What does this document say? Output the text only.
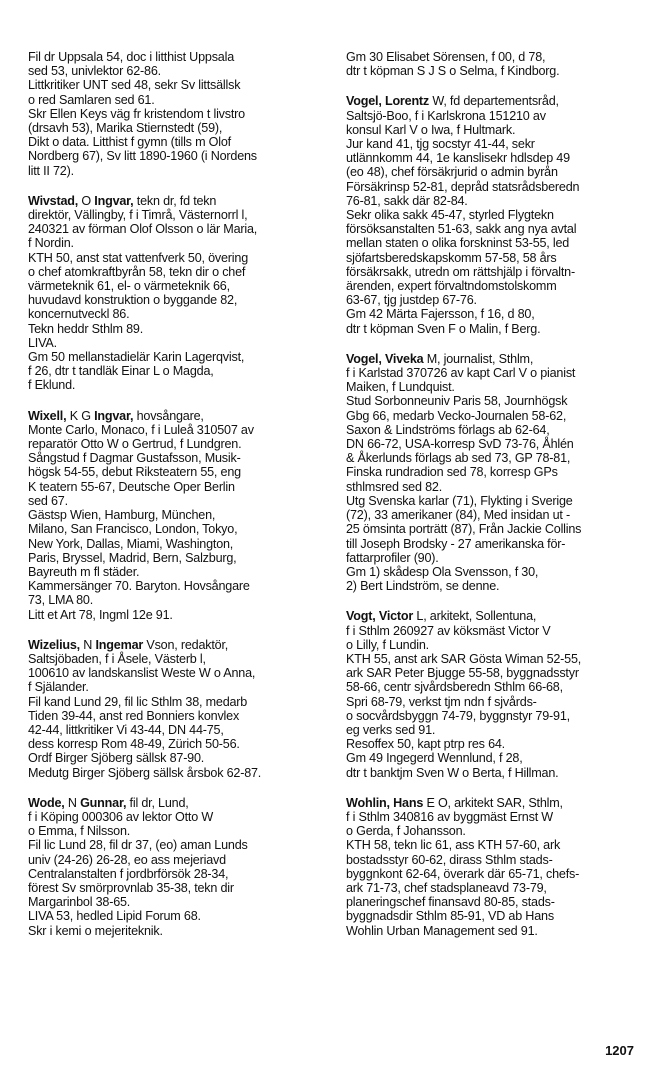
Fil dr Uppsala 54, doc i litthist Uppsala
sed 53, univlektor 62-86.
Littkritiker UNT sed 48, sekr Sv littsällsk
o red Samlaren sed 61.
Skr Ellen Keys väg fr kristendom t livstro
(drsavh 53), Marika Stiernstedt (59),
Dikt o data. Litthist f gymn (tills m Olof
Nordberg 67), Sv litt 1890-1960 (i Nordens
litt II 72).
Wivstad, O Ingvar, tekn dr, fd tekn
direktör, Vällingby, f i Timrå, Västernorrl l,
240321 av förman Olof Olsson o lär Maria,
f Nordin.
KTH 50, anst stat vattenfverk 50, övering
o chef atomkraftbyrån 58, tekn dir o chef
värmeteknik 61, el- o värmeteknik 66,
huvudavd konstruktion o byggande 82,
koncernutveckl 86.
Tekn heddr Sthlm 89.
LIVA.
Gm 50 mellanstadielär Karin Lagerqvist,
f 26, dtr t tandläk Einar L o Magda,
f Eklund.
Wixell, K G Ingvar, hovsångare,
Monte Carlo, Monaco, f i Luleå 310507 av
reparatör Otto W o Gertrud, f Lundgren.
Sångstud f Dagmar Gustafsson, Musik-
högsk 54-55, debut Riksteatern 55, eng
K teatern 55-67, Deutsche Oper Berlin
sed 67.
Gästsp Wien, Hamburg, München,
Milano, San Francisco, London, Tokyo,
New York, Dallas, Miami, Washington,
Paris, Bryssel, Madrid, Bern, Salzburg,
Bayreuth m fl städer.
Kammersänger 70. Baryton. Hovsångare
73, LMA 80.
Litt et Art 78, Ingml 12e 91.
Wizelius, N Ingemar Vson, redaktör,
Saltsjöbaden, f i Åsele, Västerb l,
100610 av landskanslist Weste W o Anna,
f Själander.
Fil kand Lund 29, fil lic Sthlm 38, medarb
Tiden 39-44, anst red Bonniers konvlex
42-44, littkritiker Vi 43-44, DN 44-75,
dess korresp Rom 48-49, Zürich 50-56.
Ordf Birger Sjöberg sällsk 87-90.
Medutg Birger Sjöberg sällsk årsbok 62-87.
Wode, N Gunnar, fil dr, Lund,
f i Köping 000306 av lektor Otto W
o Emma, f Nilsson.
Fil lic Lund 28, fil dr 37, (eo) aman Lunds
univ (24-26) 26-28, eo ass mejeriavd
Centralanstalten f jordbrförsök 28-34,
förest Sv smörprovnlab 35-38, tekn dir
Margarinbol 38-65.
LIVA 53, hedled Lipid Forum 68.
Skr i kemi o mejeriteknik.
Gm 30 Elisabet Sörensen, f 00, d 78,
dtr t köpman S J S o Selma, f Kindborg.
Vogel, Lorentz W, fd departementsråd,
Saltsjö-Boo, f i Karlskrona 151210 av
konsul Karl V o Iwa, f Hultmark.
Jur kand 41, tjg socstyr 41-44, sekr
utlännkomm 44, 1e kanslisekr hdlsdep 49
(eo 48), chef försäkrjurid o admin byrån
Försäkrinsp 52-81, depråd statsrådsberedn
76-81, sakk där 82-84.
Sekr olika sakk 45-47, styrled Flygtekn
försöksanstalten 51-63, sakk ang nya avtal
mellan staten o olika forskninst 53-55, led
sjöfartsberedskapskomm 57-58, 58 års
försäkrsakk, utredn om rättshjälp i förvaltn-
ärenden, expert förvaltndomstolskomm
63-67, tjg justdep 67-76.
Gm 42 Märta Fajersson, f 16, d 80,
dtr t köpman Sven F o Malin, f Berg.
Vogel, Viveka M, journalist, Sthlm,
f i Karlstad 370726 av kapt Carl V o pianist
Maiken, f Lundquist.
Stud Sorbonneuniv Paris 58, Journhögsk
Gbg 66, medarb Vecko-Journalen 58-62,
Saxon & Lindströms förlags ab 62-64,
DN 66-72, USA-korresp SvD 73-76, Åhlén
& Åkerlunds förlags ab sed 73, GP 78-81,
Finska rundradion sed 78, korresp GPs
sthlmsred sed 82.
Utg Svenska karlar (71), Flykting i Sverige
(72), 33 amerikaner (84), Med insidan ut -
25 ömsinta porträtt (87), Från Jackie Collins
till Joseph Brodsky - 27 amerikanska för-
fattarprofiler (90).
Gm 1) skådesp Ola Svensson, f 30,
2) Bert Lindström, se denne.
Vogt, Victor L, arkitekt, Sollentuna,
f i Sthlm 260927 av köksmäst Victor V
o Lilly, f Lundin.
KTH 55, anst ark SAR Gösta Wiman 52-55,
ark SAR Peter Bjugge 55-58, byggnadsstyr
58-66, centr sjvårdsberedn Sthlm 66-68,
Spri 68-79, verkst tjm ndn f sjvårds-
o socvårdsbyggn 74-79, byggnstyr 79-91,
eg verks sed 91.
Resoffex 50, kapt ptrp res 64.
Gm 49 Ingegerd Wennlund, f 28,
dtr t banktjm Sven W o Berta, f Hillman.
Wohlin, Hans E O, arkitekt SAR, Sthlm,
f i Sthlm 340816 av byggmäst Ernst W
o Gerda, f Johansson.
KTH 58, tekn lic 61, ass KTH 57-60, ark
bostadsstyr 60-62, dirass Sthlm stads-
byggnkont 62-64, överark där 65-71, chefs-
ark 71-73, chef stadsplaneavd 73-79,
planeringschef finansavd 80-85, stads-
byggnadsdir Sthlm 85-91, VD ab Hans
Wohlin Urban Management sed 91.
1207
